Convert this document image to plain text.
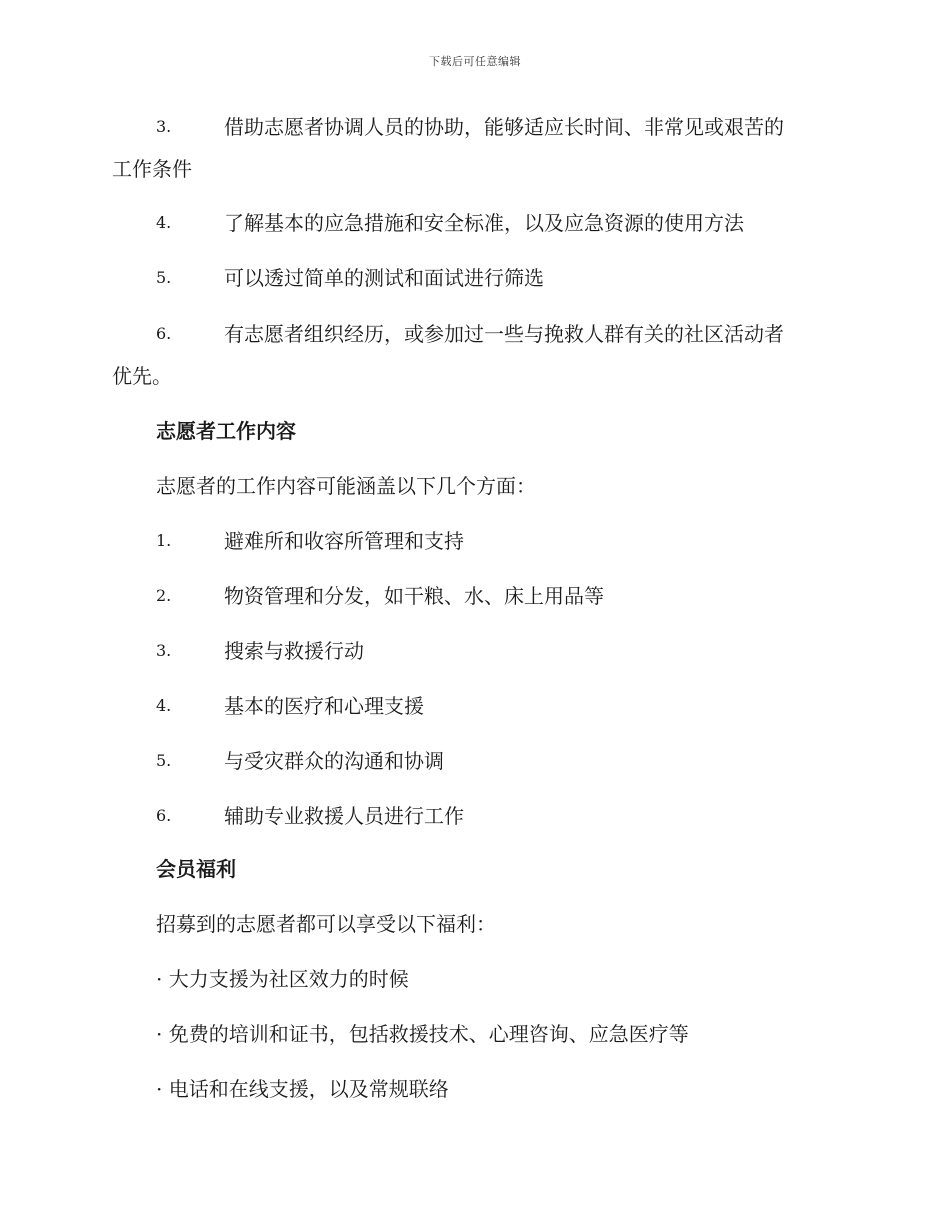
下载后可任意编辑
3.	借助志愿者协调人员的协助，能够适应长时间、非常见或艰苦的
工作条件
4.	了解基本的应急措施和安全标准，以及应急资源的使用方法
5.	可以透过简单的测试和面试进行筛选
6.	有志愿者组织经历，或参加过一些与挽救人群有关的社区活动者
优先。
志愿者工作内容
志愿者的工作内容可能涵盖以下几个方面：
1.	避难所和收容所管理和支持
2.	物资管理和分发，如干粮、水、床上用品等
3.	搜索与救援行动
4.	基本的医疗和心理支援
5.	与受灾群众的沟通和协调
6.	辅助专业救援人员进行工作
会员福利
招募到的志愿者都可以享受以下福利：
· 大力支援为社区效力的时候
· 免费的培训和证书，包括救援技术、心理咨询、应急医疗等
· 电话和在线支援，以及常规联络
